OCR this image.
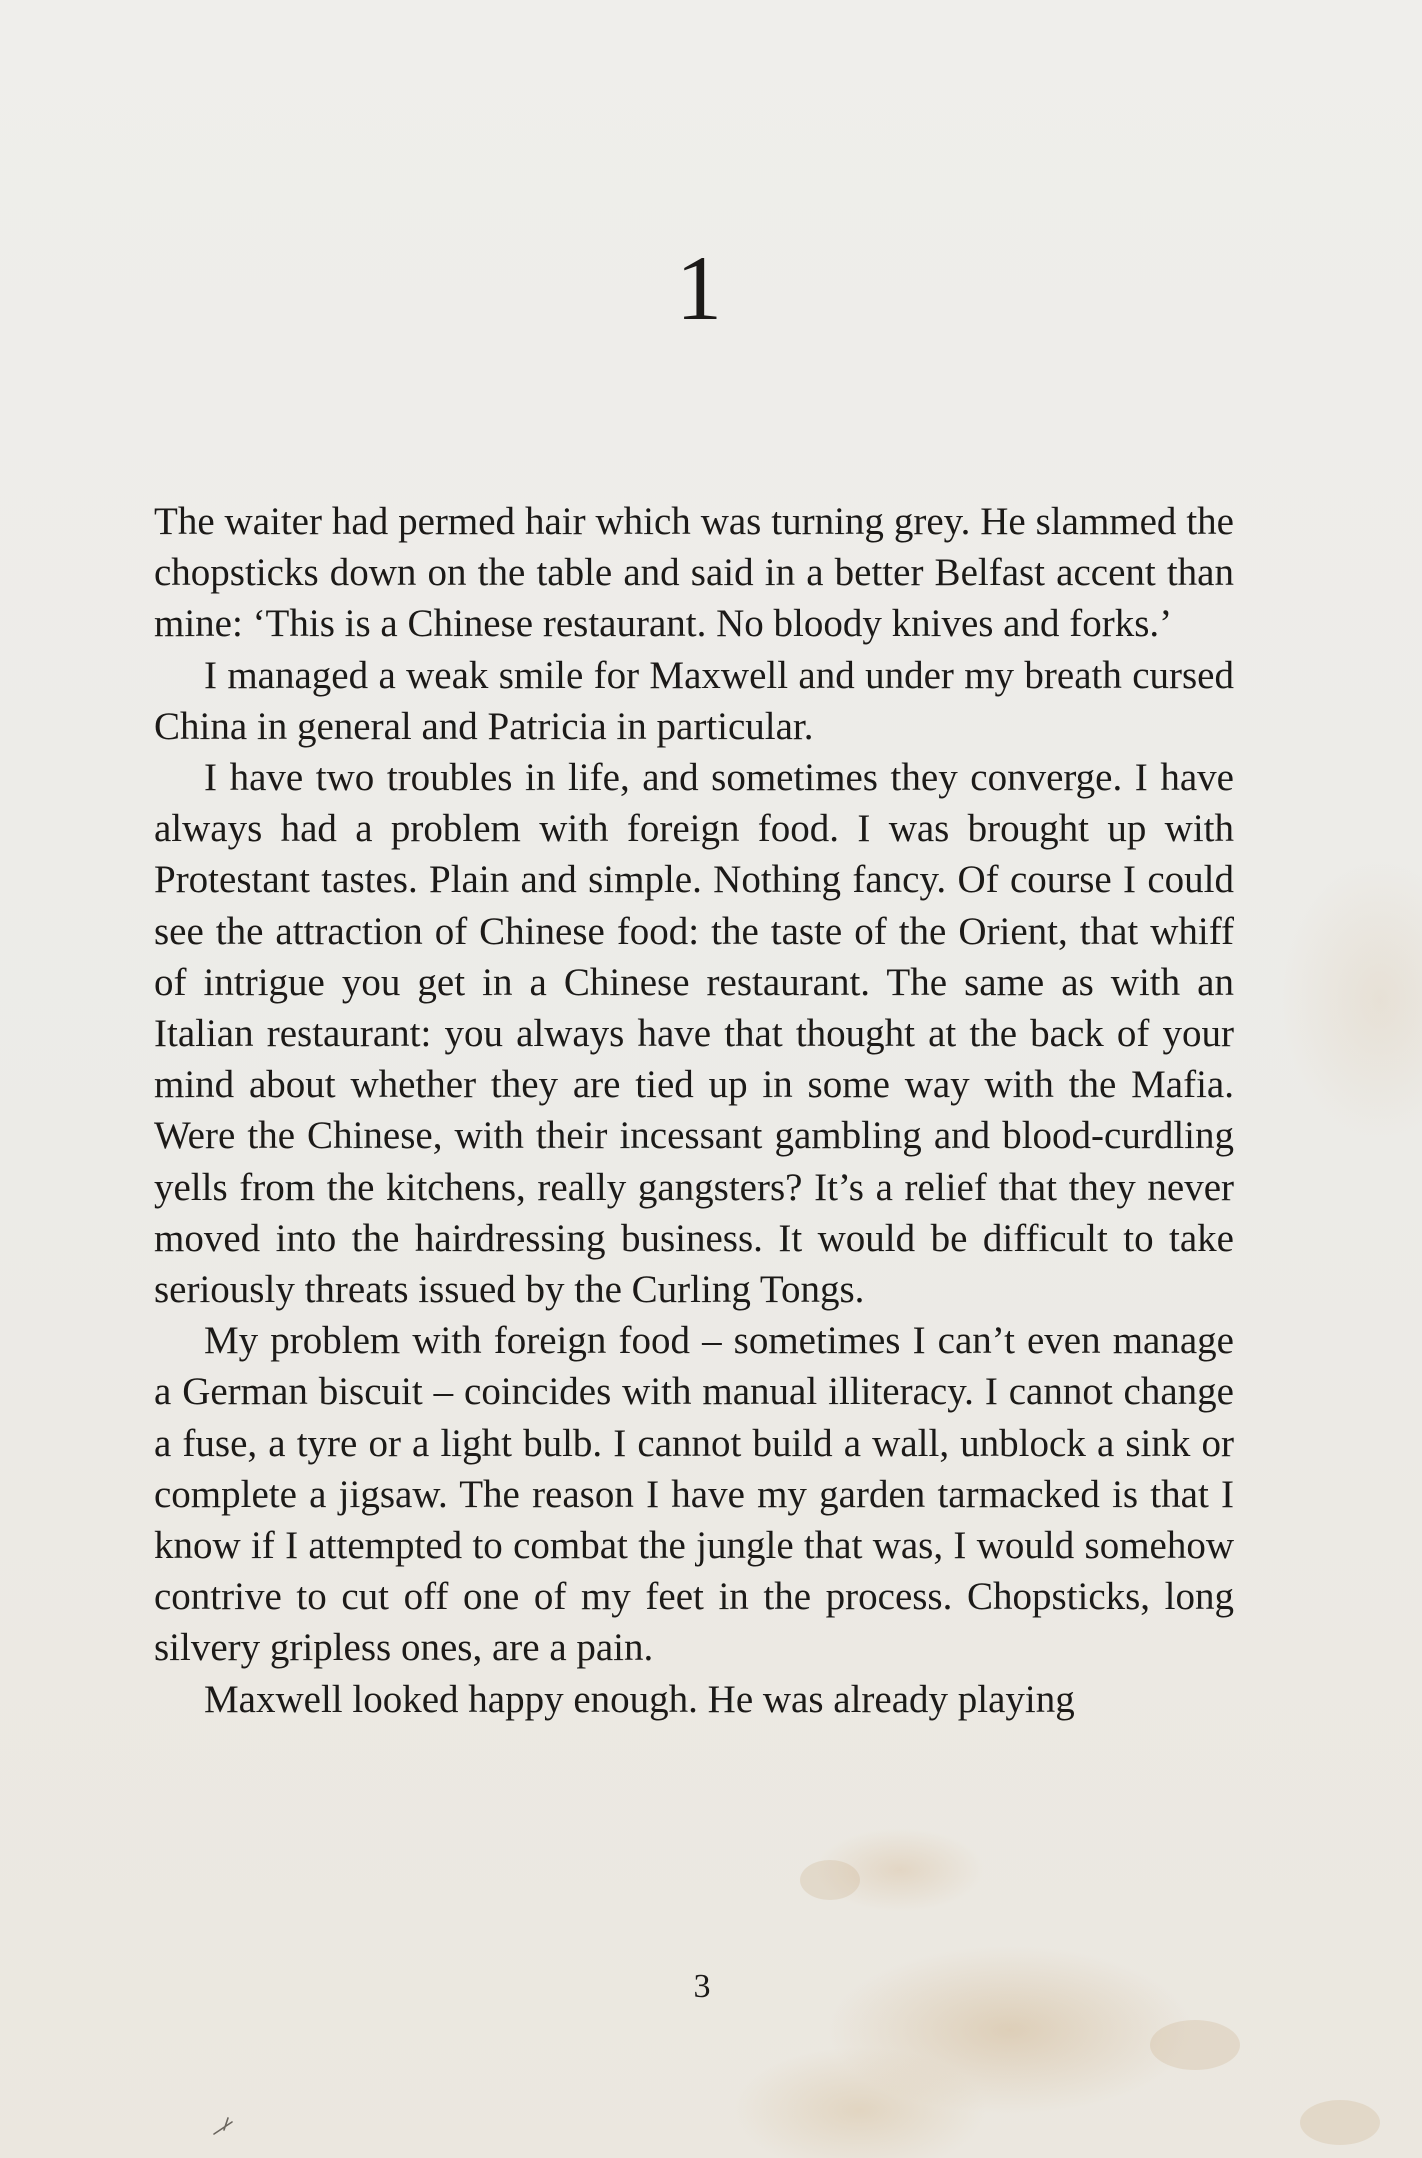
1

The waiter had permed hair which was turning grey. He slammed the chopsticks down on the table and said in a better Belfast accent than mine: ‘This is a Chinese restaurant. No bloody knives and forks.’

I managed a weak smile for Maxwell and under my breath cursed China in general and Patricia in particular.

I have two troubles in life, and sometimes they converge. I have always had a problem with foreign food. I was brought up with Protestant tastes. Plain and simple. Nothing fancy. Of course I could see the attraction of Chinese food: the taste of the Orient, that whiff of intrigue you get in a Chinese restaurant. The same as with an Italian restaurant: you always have that thought at the back of your mind about whether they are tied up in some way with the Mafia. Were the Chinese, with their incessant gambling and blood-curdling yells from the kitchens, really gangsters? It’s a relief that they never moved into the hairdressing business. It would be difficult to take seriously threats issued by the Curling Tongs.

My problem with foreign food – sometimes I can’t even manage a German biscuit – coincides with manual illiteracy. I cannot change a fuse, a tyre or a light bulb. I cannot build a wall, unblock a sink or complete a jigsaw. The reason I have my garden tarmacked is that I know if I attempted to combat the jungle that was, I would somehow contrive to cut off one of my feet in the process. Chopsticks, long silvery gripless ones, are a pain.

Maxwell looked happy enough. He was already playing

3
